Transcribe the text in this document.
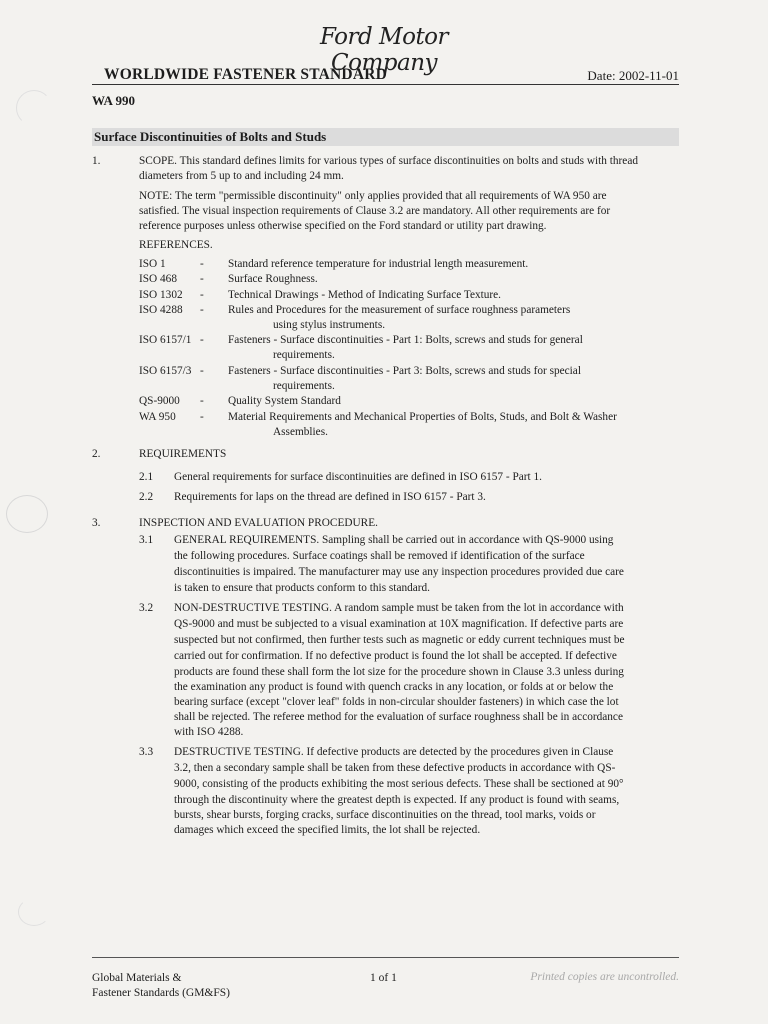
Ford Motor Company
WORLDWIDE FASTENER STANDARD	Date: 2002-11-01
WA 990
Surface Discontinuities of Bolts and Studs
1.	SCOPE. This standard defines limits for various types of surface discontinuities on bolts and studs with thread
diameters from 5 up to and including 24 mm.
NOTE: The term "permissible discontinuity" only applies provided that all requirements of WA 950 are
satisfied. The visual inspection requirements of Clause 3.2 are mandatory. All other requirements are for
reference purposes unless otherwise specified on the Ford standard or utility part drawing.
REFERENCES.
ISO 1	- Standard reference temperature for industrial length measurement.
ISO 468 - Surface Roughness.
ISO 1302 - Technical Drawings - Method of Indicating Surface Texture.
ISO 4288 - Rules and Procedures for the measurement of surface roughness parameters
using stylus instruments.
ISO 6157/1 - Fasteners - Surface discontinuities - Part 1: Bolts, screws and studs for general
requirements.
ISO 6157/3 - Fasteners - Surface discontinuities - Part 3: Bolts, screws and studs for special
requirements.
QS-9000 - Quality System Standard
WA 950 - Material Requirements and Mechanical Properties of Bolts, Studs, and Bolt & Washer
Assemblies.
2.	REQUIREMENTS
2.1 General requirements for surface discontinuities are defined in ISO 6157 - Part 1.
2.2 Requirements for laps on the thread are defined in ISO 6157 - Part 3.
3.	INSPECTION AND EVALUATION PROCEDURE.
3.1 GENERAL REQUIREMENTS. Sampling shall be carried out in accordance with QS-9000 using
the following procedures. Surface coatings shall be removed if identification of the surface
discontinuities is impaired. The manufacturer may use any inspection procedures provided due care
is taken to ensure that products conform to this standard.
3.2 NON-DESTRUCTIVE TESTING. A random sample must be taken from the lot in accordance with
QS-9000 and must be subjected to a visual examination at 10X magnification. If defective parts are
suspected but not confirmed, then further tests such as magnetic or eddy current techniques must be
carried out for confirmation. If no defective product is found the lot shall be accepted. If defective
products are found these shall form the lot size for the procedure shown in Clause 3.3 unless during
the examination any product is found with quench cracks in any location, or folds at or below the
bearing surface (except "clover leaf" folds in non-circular shoulder fasteners) in which case the lot
shall be rejected. The referee method for the evaluation of surface roughness shall be in accordance
with ISO 4288.
3.3 DESTRUCTIVE TESTING. If defective products are detected by the procedures given in Clause
3.2, then a secondary sample shall be taken from these defective products in accordance with QS-
9000, consisting of the products exhibiting the most serious defects. These shall be sectioned at 90°
through the discontinuity where the greatest depth is expected. If any product is found with seams,
bursts, shear bursts, forging cracks, surface discontinuities on the thread, tool marks, voids or
damages which exceed the specified limits, the lot shall be rejected.
Global Materials &
Fastener Standards (GM&FS)
1 of 1	Printed copies are uncontrolled.
